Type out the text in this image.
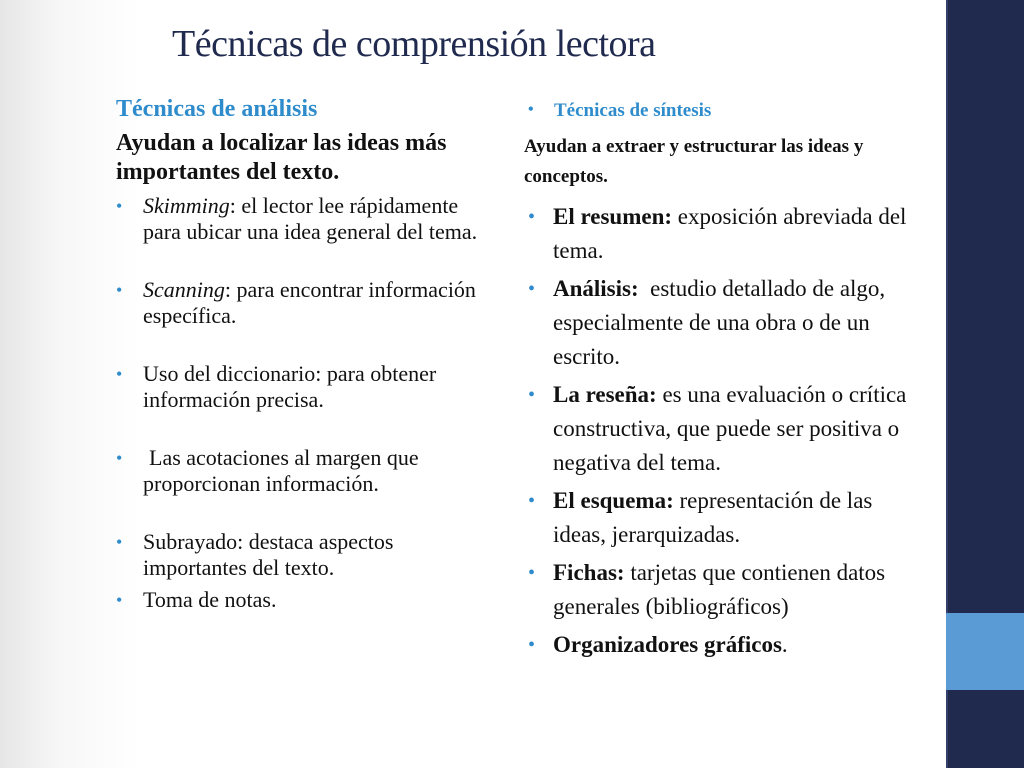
Técnicas de comprensión lectora
Técnicas de análisis
Ayudan a localizar las ideas más importantes del texto.
• Skimming: el lector lee rápidamente para ubicar una idea general del tema.
• Scanning: para encontrar información específica.
• Uso del diccionario: para obtener información precisa.
• Las acotaciones al margen que proporcionan información.
• Subrayado: destaca aspectos importantes del texto.
• Toma de notas.
• Técnicas de síntesis
Ayudan a extraer y estructurar las ideas y conceptos.
• El resumen: exposición abreviada del tema.
• Análisis:  estudio detallado de algo, especialmente de una obra o de un escrito.
• La reseña: es una evaluación o crítica constructiva, que puede ser positiva o negativa del tema.
• El esquema: representación de las ideas, jerarquizadas.
• Fichas: tarjetas que contienen datos generales (bibliográficos)
• Organizadores gráficos.
